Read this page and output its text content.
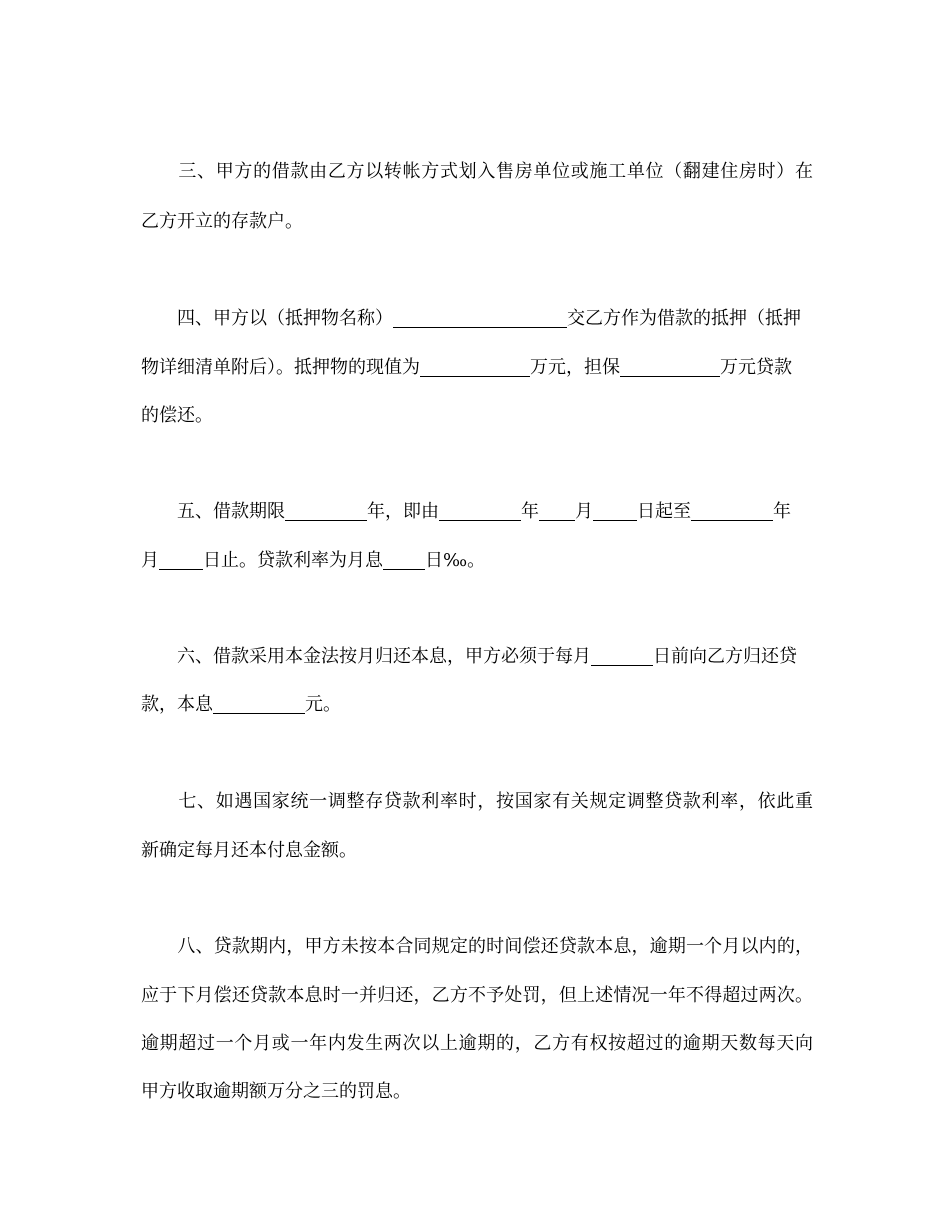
　　三、甲方的借款由乙方以转帐方式划入售房单位或施工单位（翻建住房时）在

乙方开立的存款户。

　　四、甲方以（抵押物名称）	交乙方作为借款的抵押（抵押

物详细清单附后）。抵押物的现值为	万元，担保	万元贷款

的偿还。

　　五、借款期限	年，即由	年 月 日起至	年

月 日止。贷款利率为月息 日‰。

　　六、借款采用本金法按月归还本息，甲方必须于每月	日前向乙方归还贷

款，本息	元。

　　七、如遇国家统一调整存贷款利率时，按国家有关规定调整贷款利率，依此重

新确定每月还本付息金额。

　　八、贷款期内，甲方未按本合同规定的时间偿还贷款本息，逾期一个月以内的，

应于下月偿还贷款本息时一并归还，乙方不予处罚，但上述情况一年不得超过两次。

逾期超过一个月或一年内发生两次以上逾期的，乙方有权按超过的逾期天数每天向

甲方收取逾期额万分之三的罚息。
